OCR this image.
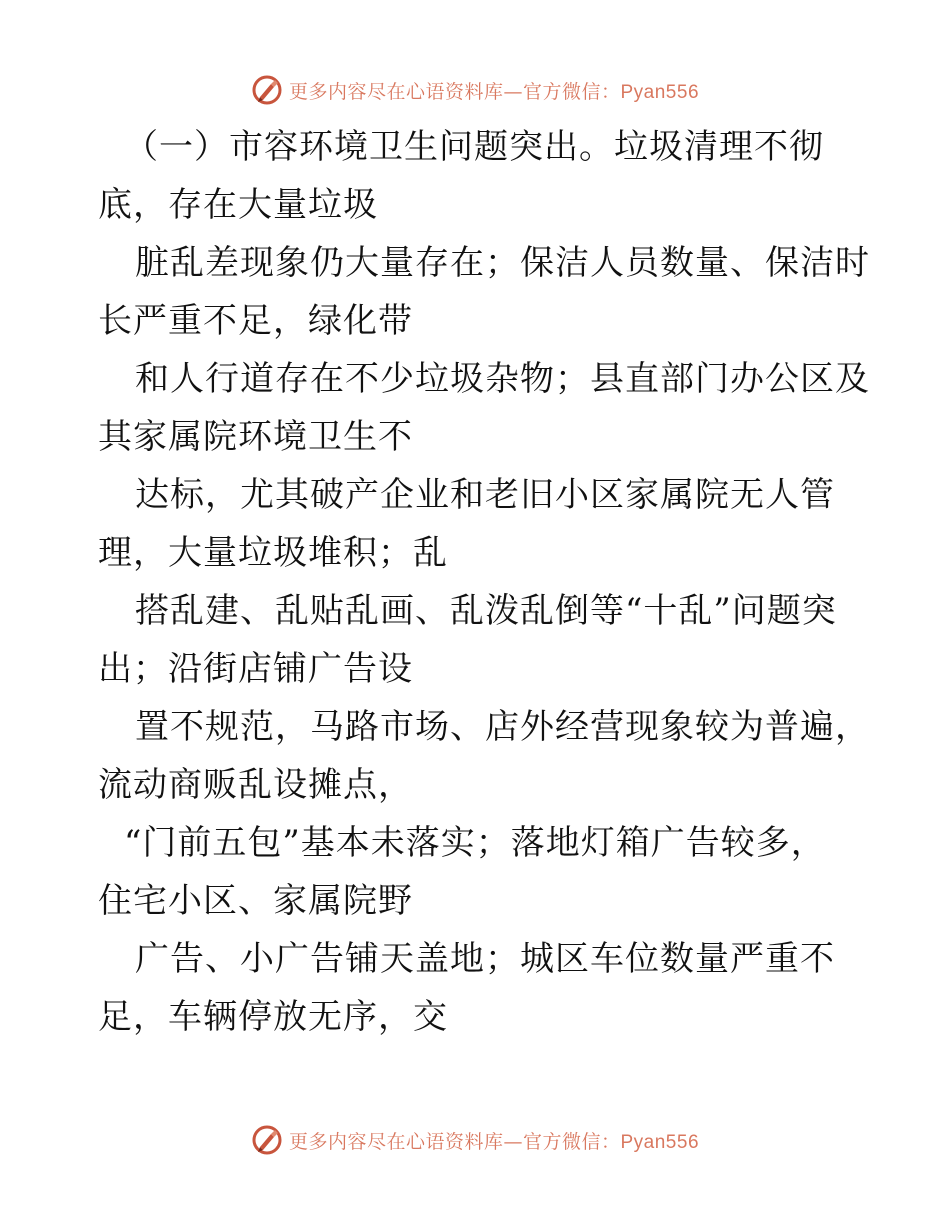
更多内容尽在心语资料库—官方微信：Pyan556

（一）市容环境卫生问题突出。垃圾清理不彻
底，存在大量垃圾

脏乱差现象仍大量存在；保洁人员数量、保洁时
长严重不足，绿化带

和人行道存在不少垃圾杂物；县直部门办公区及
其家属院环境卫生不

达标，尤其破产企业和老旧小区家属院无人管
理，大量垃圾堆积；乱

搭乱建、乱贴乱画、乱泼乱倒等“十乱”问题突
出；沿街店铺广告设

置不规范，马路市场、店外经营现象较为普遍，
流动商贩乱设摊点，

“门前五包”基本未落实；落地灯箱广告较多，
住宅小区、家属院野

广告、小广告铺天盖地；城区车位数量严重不
足，车辆停放无序，交

更多内容尽在心语资料库—官方微信：Pyan556
